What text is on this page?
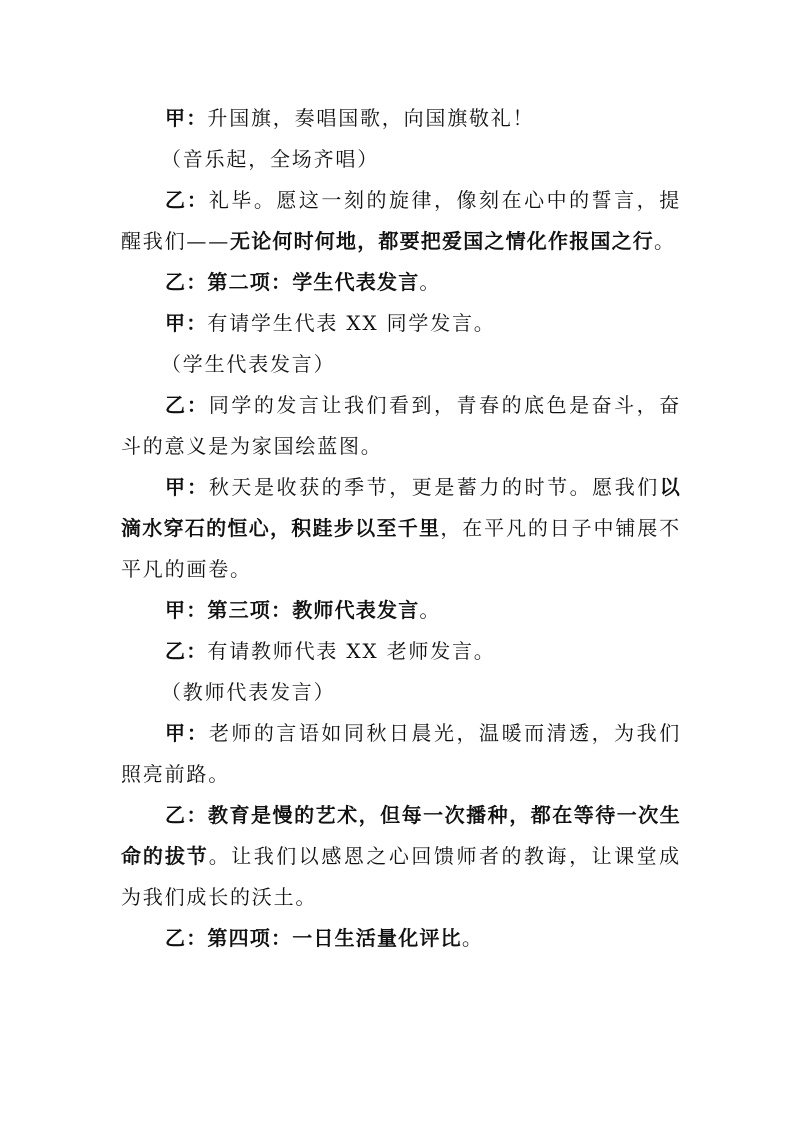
甲：升国旗，奏唱国歌，向国旗敬礼！

（音乐起，全场齐唱）

乙：礼毕。愿这一刻的旋律，像刻在心中的誓言，提醒我们——无论何时何地，都要把爱国之情化作报国之行。

乙：第二项：学生代表发言。

甲：有请学生代表 XX 同学发言。

（学生代表发言）

乙：同学的发言让我们看到，青春的底色是奋斗，奋斗的意义是为家国绘蓝图。

甲：秋天是收获的季节，更是蓄力的时节。愿我们以滴水穿石的恒心，积跬步以至千里，在平凡的日子中铺展不平凡的画卷。

甲：第三项：教师代表发言。

乙：有请教师代表 XX 老师发言。

（教师代表发言）

甲：老师的言语如同秋日晨光，温暖而清透，为我们照亮前路。

乙：教育是慢的艺术，但每一次播种，都在等待一次生命的拔节。让我们以感恩之心回馈师者的教诲，让课堂成为我们成长的沃土。

乙：第四项：一日生活量化评比。
